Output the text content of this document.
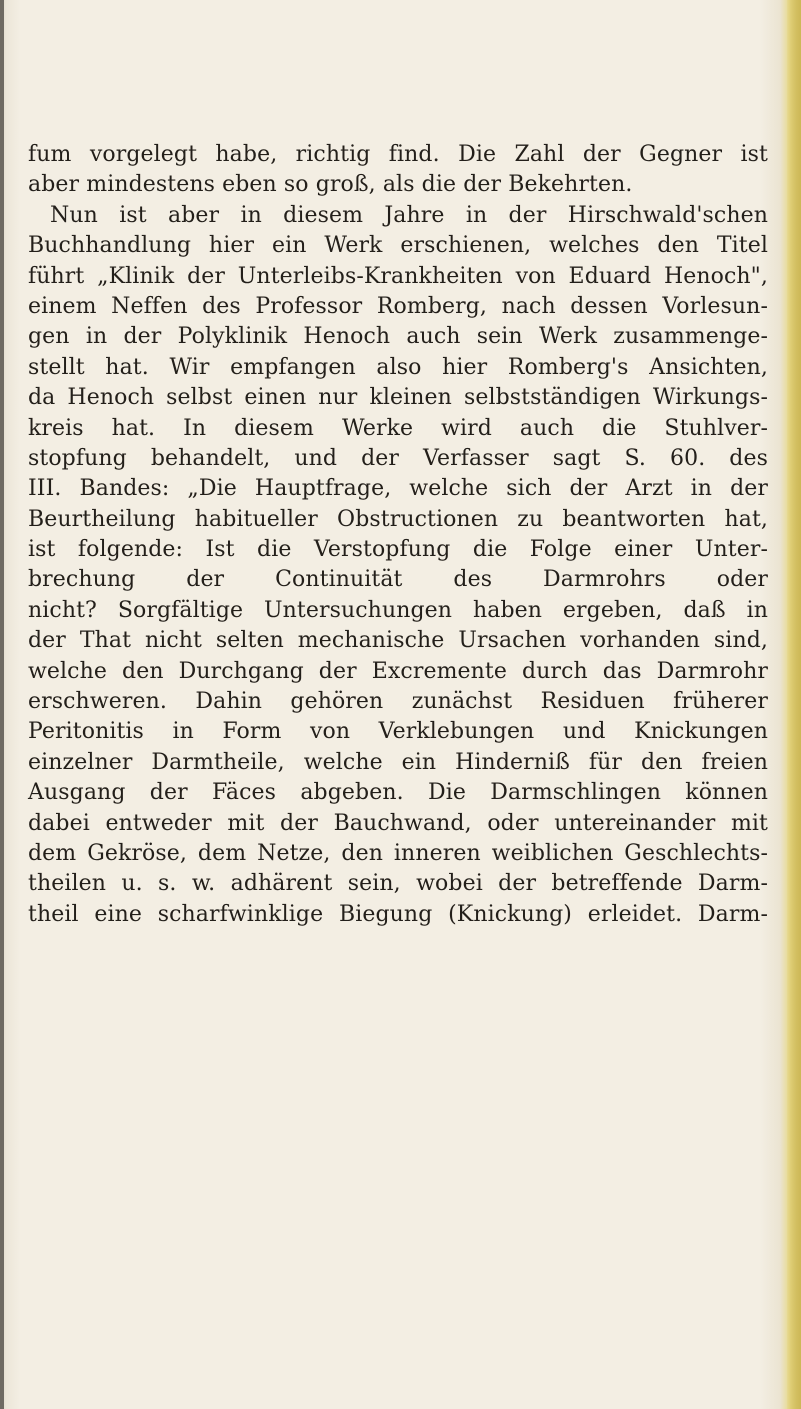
fum vorgelegt habe, richtig find. Die Zahl der Gegner ist
aber mindestens eben so groß, als die der Bekehrten.
Nun ist aber in diesem Jahre in der Hirschwald'schen
Buchhandlung hier ein Werk erschienen, welches den Titel
führt „Klinik der Unterleibs-Krankheiten von Eduard Henoch",
einem Neffen des Professor Romberg, nach dessen Vorlesun-
gen in der Polyklinik Henoch auch sein Werk zusammenge-
stellt hat. Wir empfangen also hier Romberg's Ansichten,
da Henoch selbst einen nur kleinen selbstständigen Wirkungs-
kreis hat. In diesem Werke wird auch die Stuhlver-
stopfung behandelt, und der Verfasser sagt S. 60. des
III. Bandes: „Die Hauptfrage, welche sich der Arzt in der
Beurtheilung habitueller Obstructionen zu beantworten hat,
ist folgende: Ist die Verstopfung die Folge einer Unter-
brechung der Continuität des Darmrohrs oder
nicht? Sorgfältige Untersuchungen haben ergeben, daß in
der That nicht selten mechanische Ursachen vorhanden sind,
welche den Durchgang der Excremente durch das Darmrohr
erschweren. Dahin gehören zunächst Residuen früherer
Peritonitis in Form von Verklebungen und Knickungen
einzelner Darmtheile, welche ein Hinderniß für den freien
Ausgang der Fäces abgeben. Die Darmschlingen können
dabei entweder mit der Bauchwand, oder untereinander mit
dem Gekröse, dem Netze, den inneren weiblichen Geschlechts-
theilen u. s. w. adhärent sein, wobei der betreffende Darm-
theil eine scharfwinklige Biegung (Knickung) erleidet. Darm-
